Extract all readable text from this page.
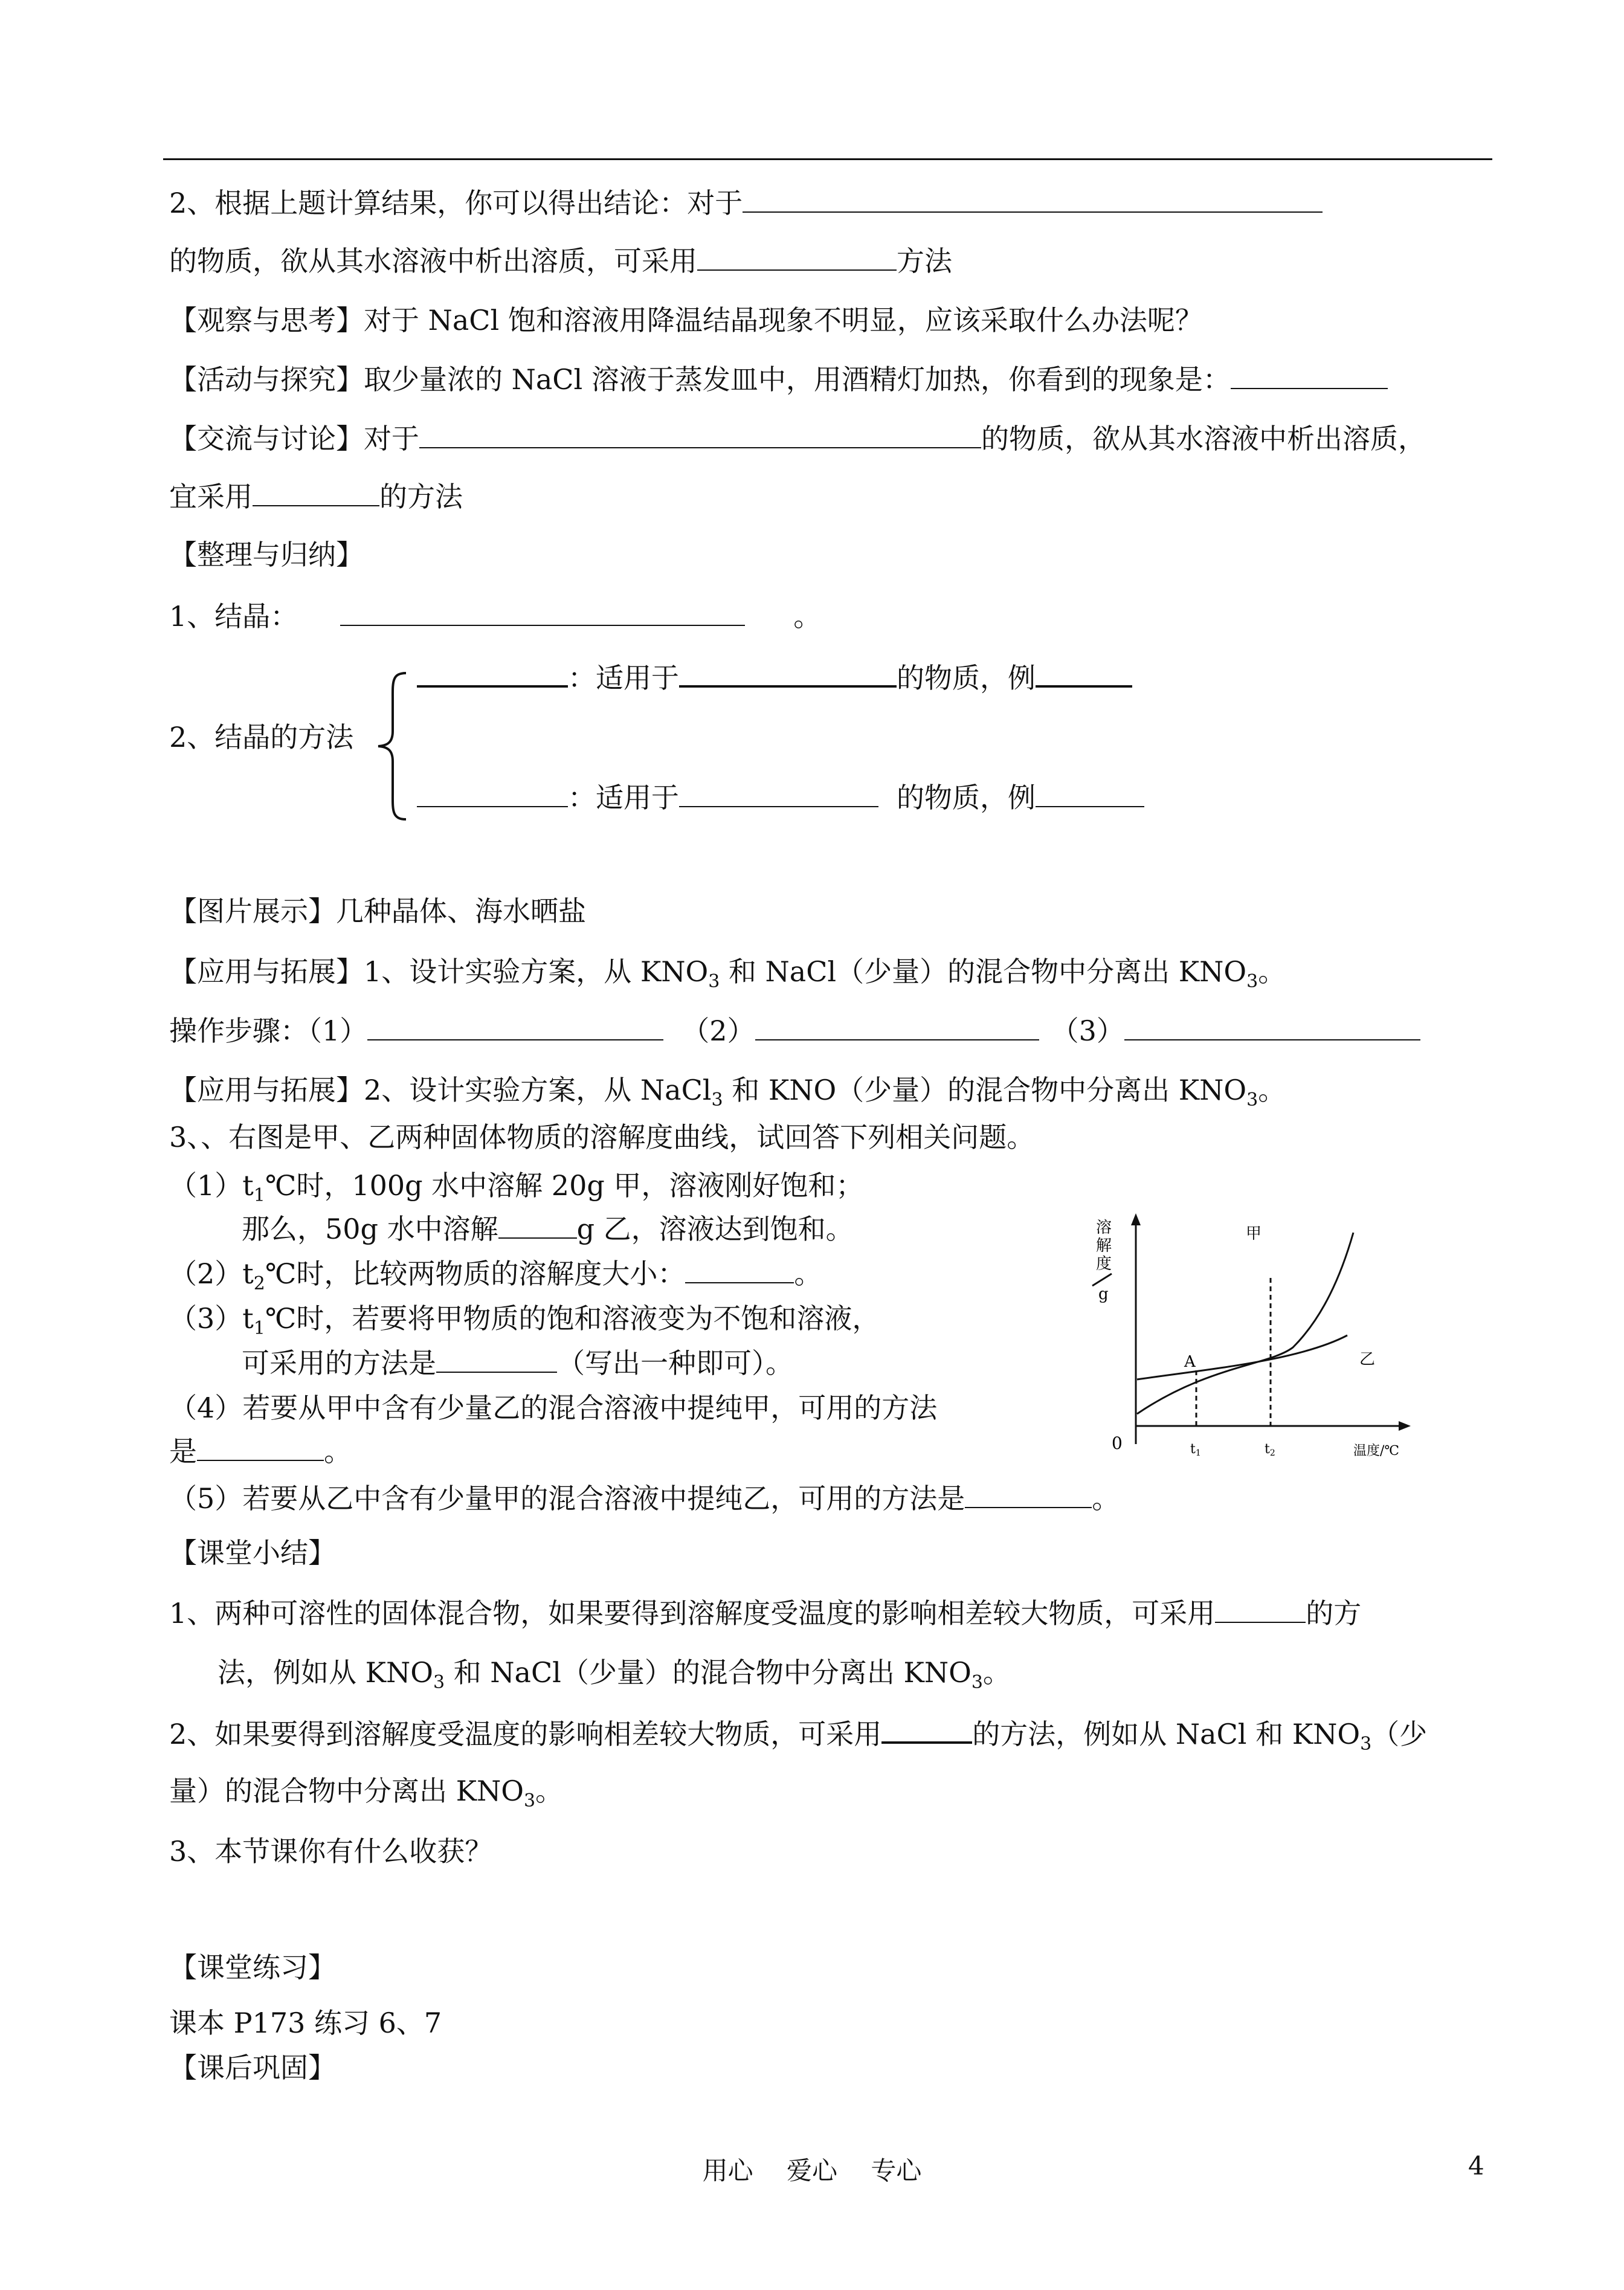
2、根据上题计算结果，你可以得出结论：对于
的物质，欲从其水溶液中析出溶质，可采用	方法
【观察与思考】对于 NaCl 饱和溶液用降温结晶现象不明显，应该采取什么办法呢？
【活动与探究】取少量浓的 NaCl 溶液于蒸发皿中，用酒精灯加热，你看到的现象是：
【交流与讨论】对于	的物质，欲从其水溶液中析出溶质，
宜采用	的方法
【整理与归纳】
1、结晶：	。
：适用于	的物质，例
2、结晶的方法
：适用于	的物质，例
【图片展示】几种晶体、海水晒盐
【应用与拓展】1、设计实验方案，从 $KNO_3$ 和 NaCl（少量）的混合物中分离出 $KNO_3$。
操作步骤：（1）	（2）	（3）
【应用与拓展】2、设计实验方案，从 NaCl$_3$ 和 KNO（少量）的混合物中分离出 $KNO_3$。
3、、右图是甲、乙两种固体物质的溶解度曲线，试回答下列相关问题。
$(1)t_1℃$时，100g 水中溶解 20g 甲，溶液刚好饱和；
那么，50g 水中溶解	g 乙，溶液达到饱和。
$(2)t_2℃$时，比较两物质的溶解度大小：	。
$(3)t_1℃$时，若要将甲物质的饱和溶液变为不饱和溶液，
可采用的方法是	（写出一种即可）。
（4）若要从甲中含有少量乙的混合溶液中提纯甲，可用的方法
是	。
（5）若要从乙中含有少量甲的混合溶液中提纯乙，可用的方法是	。
溶
解
度
g
甲
乙
A
0	t1	t2	温度/℃
【课堂小结】
1、两种可溶性的固体混合物，如果要得到溶解度受温度的影响相差较大物质，可采用	的方
法，例如从 $KNO_3$ 和 NaCl（少量）的混合物中分离出 $KNO_3$。
2、如果要得到溶解度受温度的影响相差较大物质，可采用	的方法，例如从 NaCl 和 $KNO_3$（少
量）的混合物中分离出 $KNO_3$。
3、本节课你有什么收获？
【课堂练习】
课本 P173 练习 6、7
【课后巩固】
用心　 爱心　 专心	4
